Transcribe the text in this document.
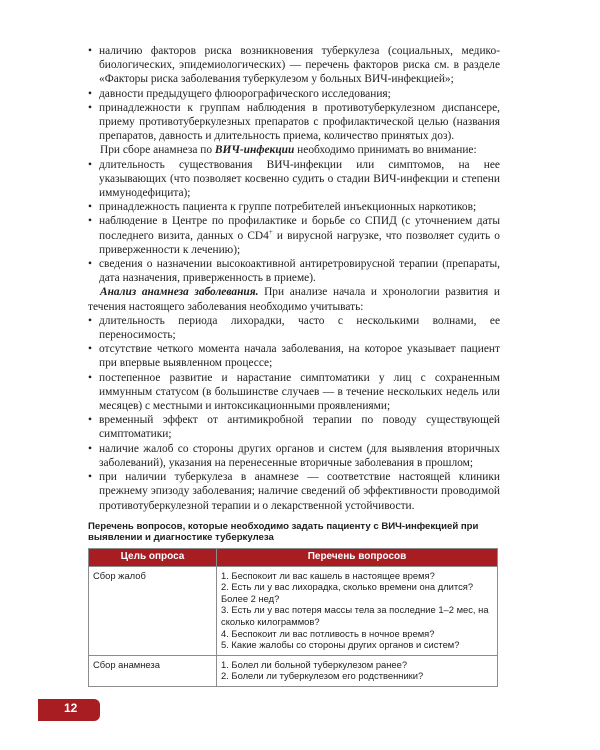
• наличию факторов риска возникновения туберкулеза (социальных, медико-биологических, эпидемиологических) — перечень факторов риска см. в разделе «Факторы риска заболевания туберкулезом у больных ВИЧ-инфекцией»;
• давности предыдущего флюорографического исследования;
• принадлежности к группам наблюдения в противотуберкулезном диспансере, приему противотуберкулезных препаратов с профилактической целью (названия препаратов, давность и длительность приема, количество принятых доз).
При сборе анамнеза по ВИЧ-инфекции необходимо принимать во внимание:
• длительность существования ВИЧ-инфекции или симптомов, на нее указывающих (что позволяет косвенно судить о стадии ВИЧ-инфекции и степени иммунодефицита);
• принадлежность пациента к группе потребителей инъекционных наркотиков;
• наблюдение в Центре по профилактике и борьбе со СПИД (с уточнением даты последнего визита, данных о CD4+ и вирусной нагрузке, что позволяет судить о приверженности к лечению);
• сведения о назначении высокоактивной антиретровирусной терапии (препараты, дата назначения, приверженность в приеме).
Анализ анамнеза заболевания. При анализе начала и хронологии развития и течения настоящего заболевания необходимо учитывать:
• длительность периода лихорадки, часто с несколькими волнами, ее переносимость;
• отсутствие четкого момента начала заболевания, на которое указывает пациент при впервые выявленном процессе;
• постепенное развитие и нарастание симптоматики у лиц с сохраненным иммунным статусом (в большинстве случаев — в течение нескольких недель или месяцев) с местными и интоксикационными проявлениями;
• временный эффект от антимикробной терапии по поводу существующей симптоматики;
• наличие жалоб со стороны других органов и систем (для выявления вторичных заболеваний), указания на перенесенные вторичные заболевания в прошлом;
• при наличии туберкулеза в анамнезе — соответствие настоящей клиники прежнему эпизоду заболевания; наличие сведений об эффективности проводимой противотуберкулезной терапии и о лекарственной устойчивости.
Перечень вопросов, которые необходимо задать пациенту с ВИЧ-инфекцией при выявлении и диагностике туберкулеза
Цель опроса	Перечень вопросов
Сбор жалоб	1. Беспокоит ли вас кашель в настоящее время?
2. Есть ли у вас лихорадка, сколько времени она длится? Более 2 нед?
3. Есть ли у вас потеря массы тела за последние 1–2 мес, на сколько килограммов?
4. Беспокоит ли вас потливость в ночное время?
5. Какие жалобы со стороны других органов и систем?

Сбор анамнеза	1. Болел ли больной туберкулезом ранее?
2. Болели ли туберкулезом его родственники?
12
